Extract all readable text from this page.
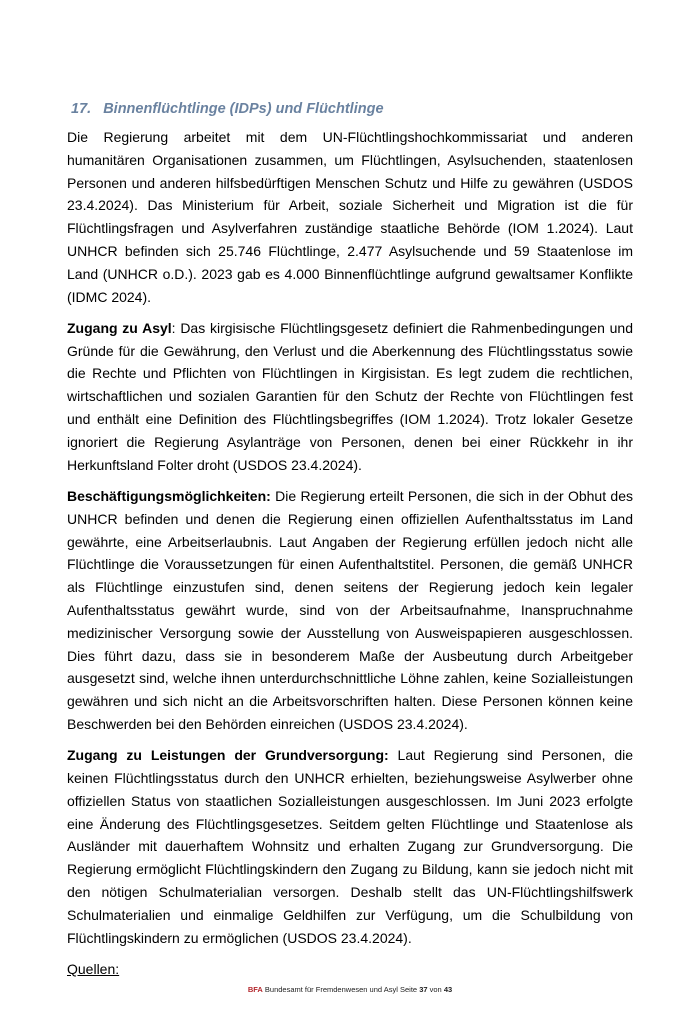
17. Binnenflüchtlinge (IDPs) und Flüchtlinge

Die Regierung arbeitet mit dem UN-Flüchtlingshochkommissariat und anderen humanitären Organisationen zusammen, um Flüchtlingen, Asylsuchenden, staatenlosen Personen und anderen hilfsbedürftigen Menschen Schutz und Hilfe zu gewähren (USDOS 23.4.2024). Das Ministerium für Arbeit, soziale Sicherheit und Migration ist die für Flüchtlingsfragen und Asylverfahren zuständige staatliche Behörde (IOM 1.2024). Laut UNHCR befinden sich 25.746 Flüchtlinge, 2.477 Asylsuchende und 59 Staatenlose im Land (UNHCR o.D.). 2023 gab es 4.000 Binnenflüchtlinge aufgrund gewaltsamer Konflikte (IDMC 2024).

Zugang zu Asyl: Das kirgisische Flüchtlingsgesetz definiert die Rahmenbedingungen und Gründe für die Gewährung, den Verlust und die Aberkennung des Flüchtlingsstatus sowie die Rechte und Pflichten von Flüchtlingen in Kirgisistan. Es legt zudem die rechtlichen, wirtschaftlichen und sozialen Garantien für den Schutz der Rechte von Flüchtlingen fest und enthält eine Definition des Flüchtlingsbegriffes (IOM 1.2024). Trotz lokaler Gesetze ignoriert die Regierung Asylanträge von Personen, denen bei einer Rückkehr in ihr Herkunftsland Folter droht (USDOS 23.4.2024).

Beschäftigungsmöglichkeiten: Die Regierung erteilt Personen, die sich in der Obhut des UNHCR befinden und denen die Regierung einen offiziellen Aufenthaltsstatus im Land gewährte, eine Arbeitserlaubnis. Laut Angaben der Regierung erfüllen jedoch nicht alle Flüchtlinge die Voraussetzungen für einen Aufenthaltstitel. Personen, die gemäß UNHCR als Flüchtlinge einzustufen sind, denen seitens der Regierung jedoch kein legaler Aufenthaltsstatus gewährt wurde, sind von der Arbeitsaufnahme, Inanspruchnahme medizinischer Versorgung sowie der Ausstellung von Ausweispapieren ausgeschlossen. Dies führt dazu, dass sie in besonderem Maße der Ausbeutung durch Arbeitgeber ausgesetzt sind, welche ihnen unterdurchschnittliche Löhne zahlen, keine Sozialleistungen gewähren und sich nicht an die Arbeitsvorschriften halten. Diese Personen können keine Beschwerden bei den Behörden einreichen (USDOS 23.4.2024).

Zugang zu Leistungen der Grundversorgung: Laut Regierung sind Personen, die keinen Flüchtlingsstatus durch den UNHCR erhielten, beziehungsweise Asylwerber ohne offiziellen Status von staatlichen Sozialleistungen ausgeschlossen. Im Juni 2023 erfolgte eine Änderung des Flüchtlingsgesetzes. Seitdem gelten Flüchtlinge und Staatenlose als Ausländer mit dauerhaftem Wohnsitz und erhalten Zugang zur Grundversorgung. Die Regierung ermöglicht Flüchtlingskindern den Zugang zu Bildung, kann sie jedoch nicht mit den nötigen Schulmaterialian versorgen. Deshalb stellt das UN-Flüchtlingshilfswerk Schulmaterialien und einmalige Geldhilfen zur Verfügung, um die Schulbildung von Flüchtlingskindern zu ermöglichen (USDOS 23.4.2024).

Quellen:

BFA Bundesamt für Fremdenwesen und Asyl Seite 37 von 43
